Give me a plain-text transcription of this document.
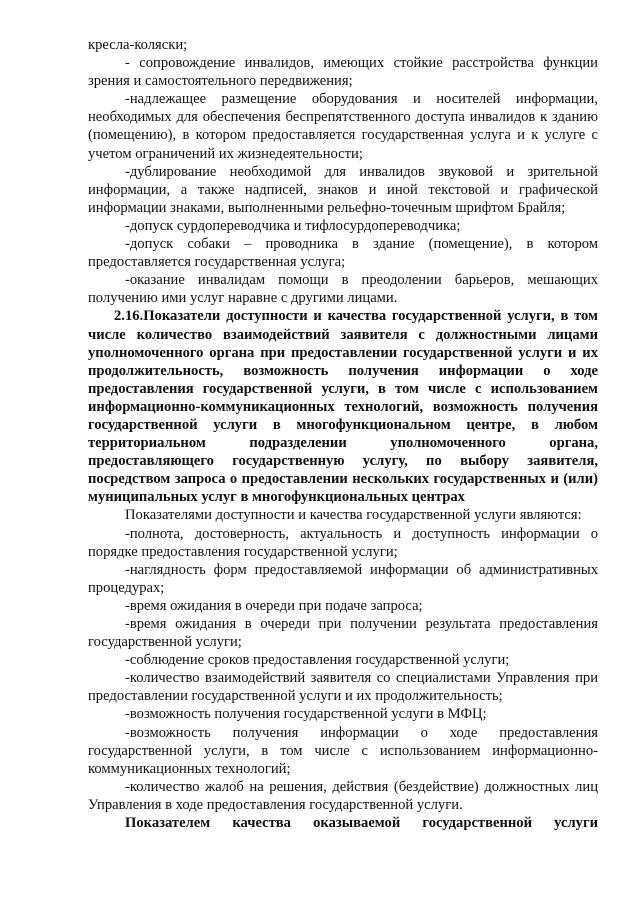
кресла-коляски;

- сопровождение инвалидов, имеющих стойкие расстройства функции зрения и самостоятельного передвижения;

-надлежащее размещение оборудования и носителей информации, необходимых для обеспечения беспрепятственного доступа инвалидов к зданию (помещению), в котором предоставляется государственная услуга и к услуге с учетом ограничений их жизнедеятельности;

-дублирование необходимой для инвалидов звуковой и зрительной информации, а также надписей, знаков и иной текстовой и графической информации знаками, выполненными рельефно-точечным шрифтом Брайля;

-допуск сурдопереводчика и тифлосурдопереводчика;

-допуск собаки – проводника в здание (помещение), в котором предоставляется государственная услуга;

-оказание инвалидам помощи в преодолении барьеров, мешающих получению ими услуг наравне с другими лицами.

2.16.Показатели доступности и качества государственной услуги, в том числе количество взаимодействий заявителя с должностными лицами уполномоченного органа при предоставлении государственной услуги и их продолжительность, возможность получения информации о ходе предоставления государственной услуги, в том числе с использованием информационно-коммуникационных технологий, возможность получения государственной услуги в многофункциональном центре, в любом территориальном подразделении уполномоченного органа, предоставляющего государственную услугу, по выбору заявителя, посредством запроса о предоставлении нескольких государственных и (или) муниципальных услуг в многофункциональных центрах

Показателями доступности и качества государственной услуги являются:

-полнота, достоверность, актуальность и доступность информации о порядке предоставления государственной услуги;

-наглядность форм предоставляемой информации об административных процедурах;

-время ожидания в очереди при подаче запроса;

-время ожидания в очереди при получении результата предоставления государственной услуги;

-соблюдение сроков предоставления государственной услуги;

-количество взаимодействий заявителя со специалистами Управления при предоставлении государственной услуги и их продолжительность;

-возможность получения государственной услуги в МФЦ;

-возможность получения информации о ходе предоставления государственной услуги, в том числе с использованием информационно-коммуникационных технологий;

-количество жалоб на решения, действия (бездействие) должностных лиц Управления в ходе предоставления государственной услуги.

Показателем качества оказываемой государственной услуги
